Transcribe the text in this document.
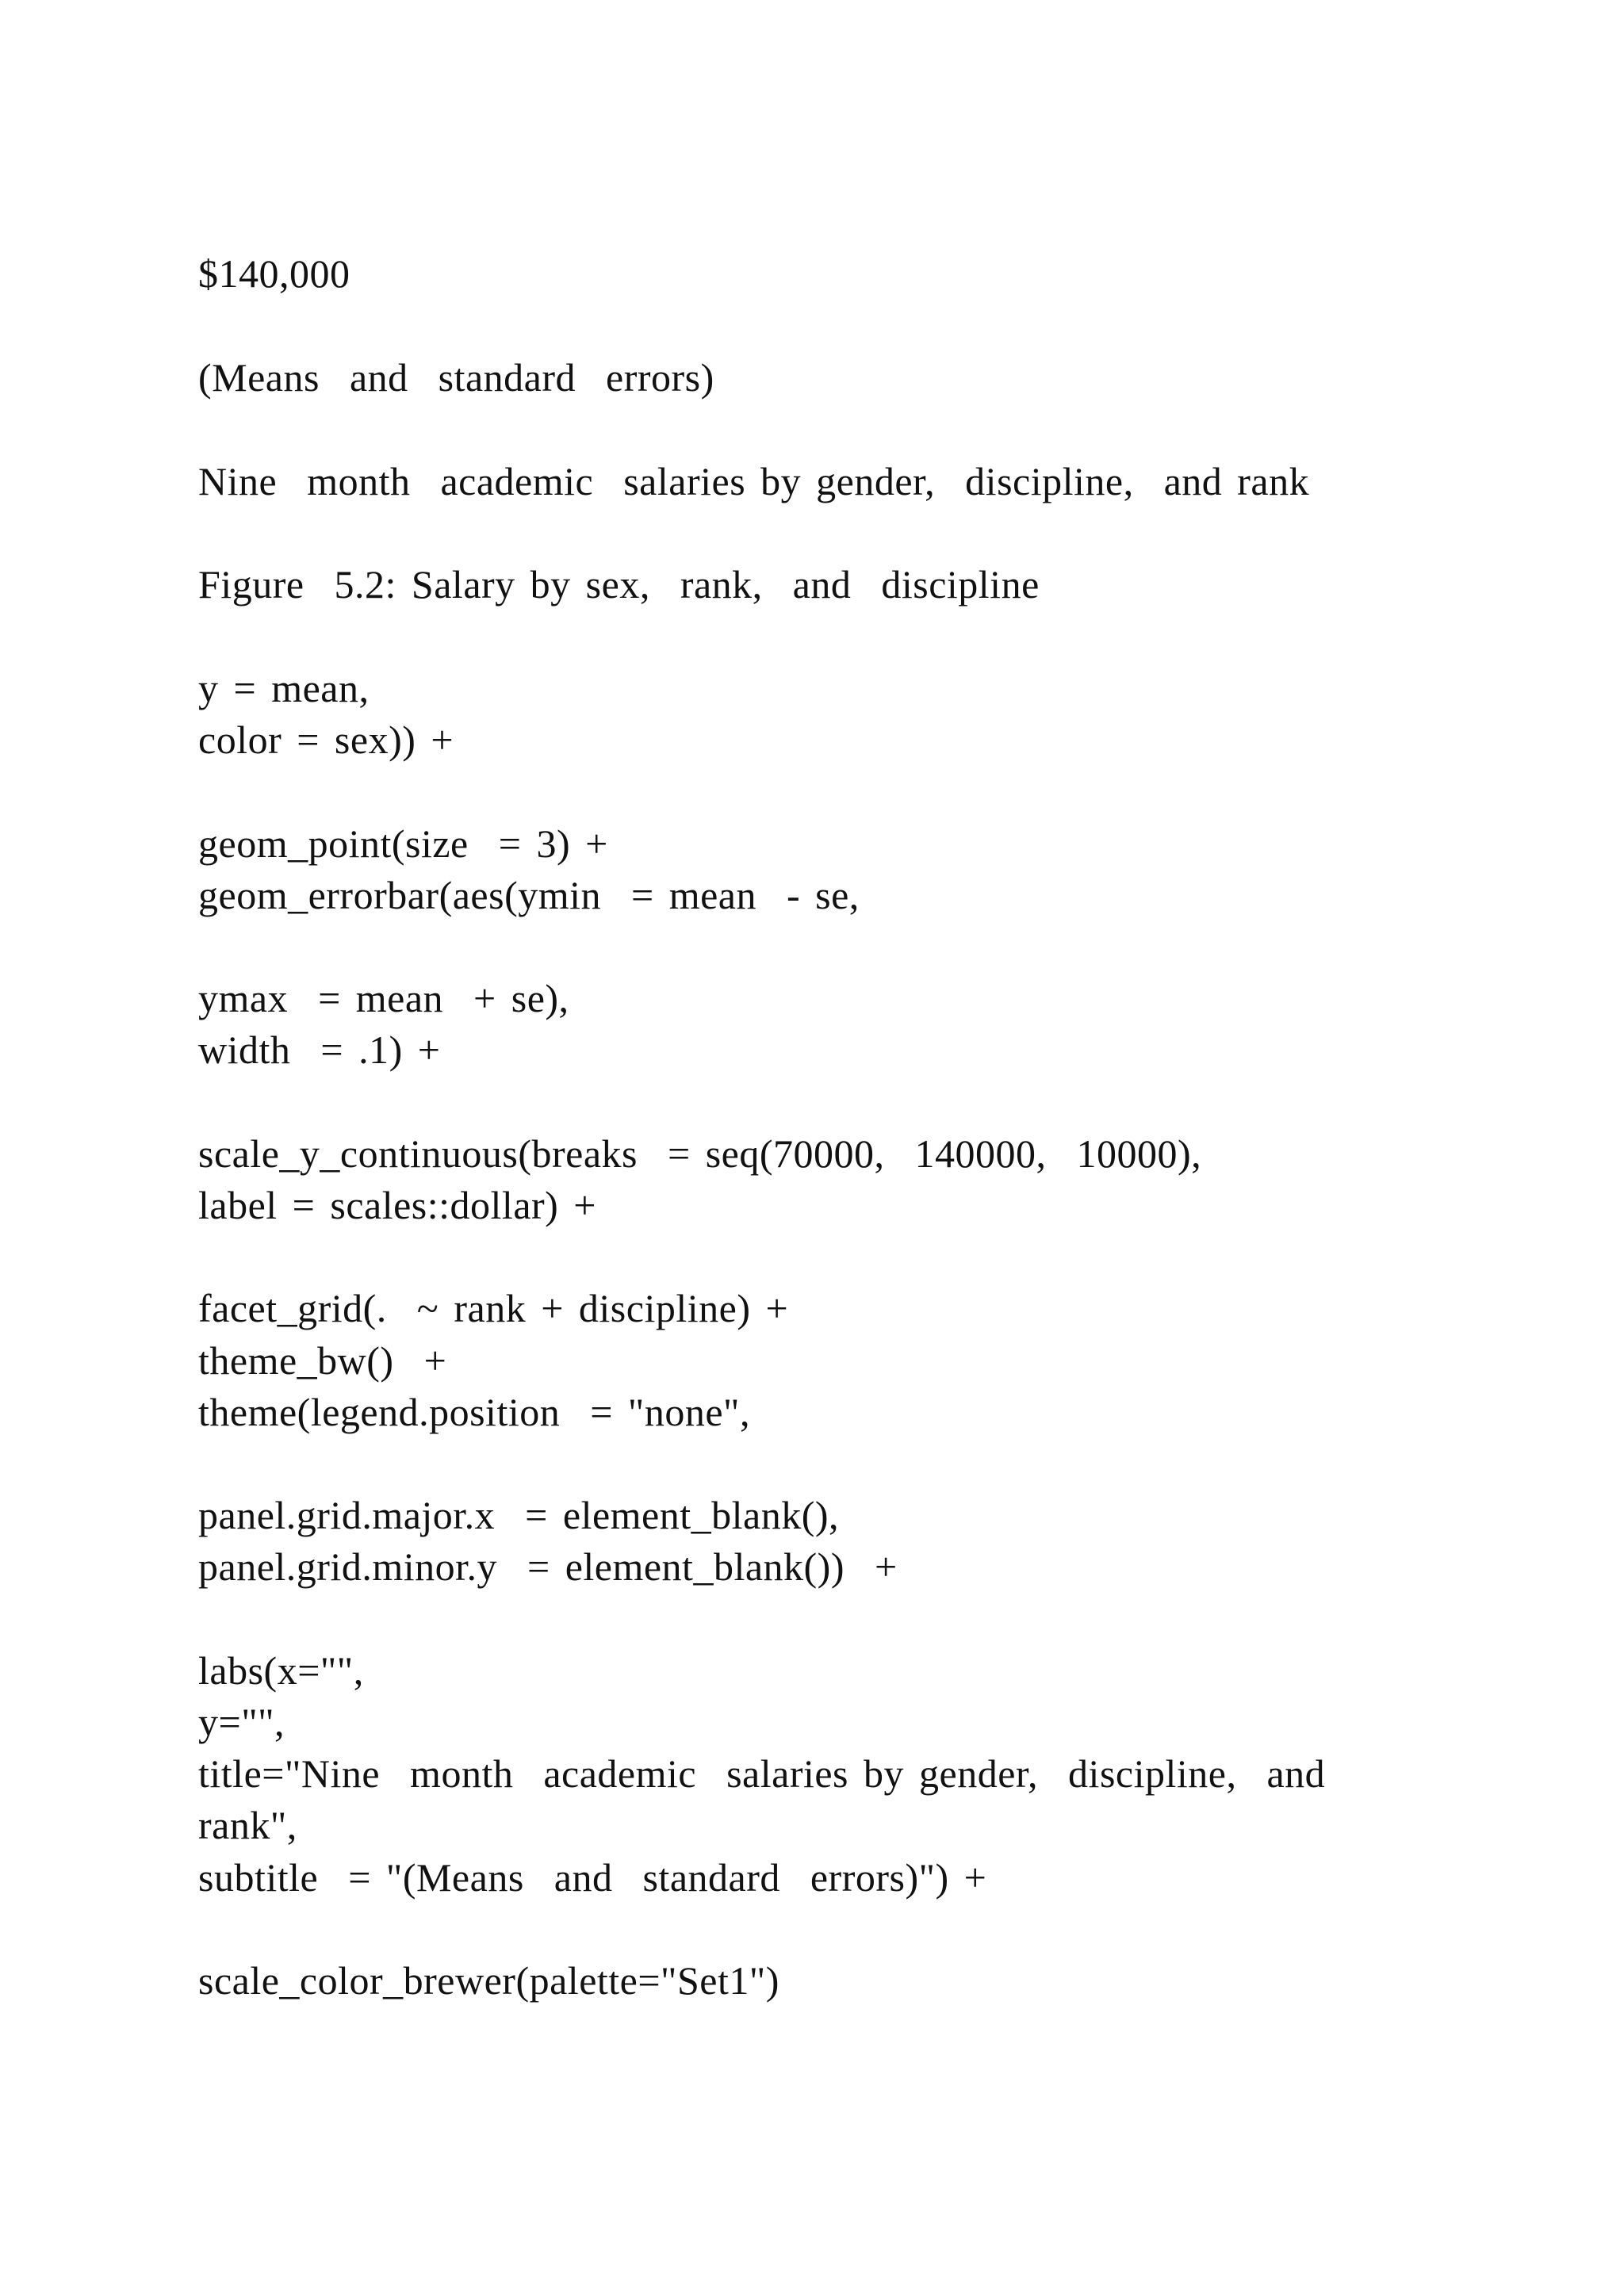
$140,000

(Means  and  standard  errors)

Nine  month  academic  salaries by gender,  discipline,  and rank

Figure  5.2: Salary by sex,  rank,  and  discipline

y = mean,

color = sex)) +

geom_point(size  = 3) +

geom_errorbar(aes(ymin  = mean  - se,

ymax  = mean  + se),

width  = .1) +

scale_y_continuous(breaks  = seq(70000,  140000,  10000),

label = scales::dollar) +

facet_grid(.  ~ rank + discipline) +

theme_bw()  +

theme(legend.position  = "none",

panel.grid.major.x  = element_blank(),

panel.grid.minor.y  = element_blank())  +

labs(x="",

y="",

title="Nine  month  academic  salaries by gender,  discipline,  and

rank",

subtitle  = "(Means  and  standard  errors)") +

scale_color_brewer(palette="Set1")
